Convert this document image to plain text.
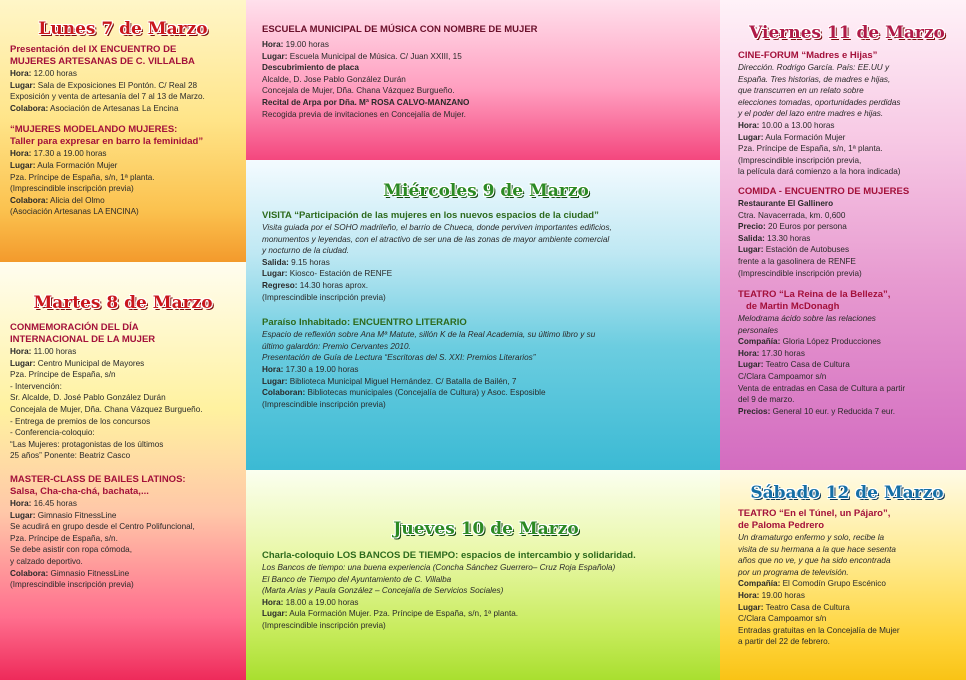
Lunes 7 de Marzo

Presentación del IX ENCUENTRO DE

MUJERES ARTESANAS DE C. VILLALBA

Hora: 12.00 horas

Lugar: Sala de Exposiciones El Pontón. C/ Real 28

Exposición y venta de artesanía del 7 al 13 de Marzo.

Colabora: Asociación de Artesanas La Encina

“MUJERES MODELANDO MUJERES:

Taller para expresar en barro la feminidad”

Hora: 17.30 a 19.00 horas

Lugar: Aula Formación Mujer

Pza. Príncipe de España, s/n, 1ª planta.

(Imprescindible inscripción previa)

Colabora: Alicia del Olmo

(Asociación Artesanas LA ENCINA)

Martes 8 de Marzo

CONMEMORACIÓN DEL DÍA

INTERNACIONAL DE LA MUJER

Hora: 11.00 horas

Lugar: Centro Municipal de Mayores

Pza. Príncipe de España, s/n

- Intervención:

Sr. Alcalde, D. José Pablo González Durán

Concejala de Mujer, Dña. Chana Vázquez Burgueño.

- Entrega de premios de los concursos

- Conferencia-coloquio:

“Las Mujeres: protagonistas de los últimos

25 años” Ponente: Beatriz Casco

MASTER-CLASS DE BAILES LATINOS:

Salsa, Cha-cha-chá, bachata,...

Hora: 16.45 horas

Lugar: Gimnasio FitnessLine

Se acudirá en grupo desde el Centro Polifuncional,

Pza. Príncipe de España, s/n.

Se debe asistir con ropa cómoda,

y calzado deportivo.

Colabora: Gimnasio FitnessLine

(Imprescindible inscripción previa)

ESCUELA MUNICIPAL DE MÚSICA CON NOMBRE DE MUJER

Hora: 19.00 horas

Lugar: Escuela Municipal de Música. C/ Juan XXIII, 15

Descubrimiento de placa

Alcalde, D. Jose Pablo González Durán

Concejala de Mujer, Dña. Chana Vázquez Burgueño.

Recital de Arpa por Dña. Mª ROSA CALVO-MANZANO

Recogida previa de invitaciones en Concejalía de Mujer.

Miércoles 9 de Marzo

VISITA “Participación de las mujeres en los nuevos espacios de la ciudad”

Visita guiada por el SOHO madrileño, el barrio de Chueca, donde perviven importantes edificios,

monumentos y leyendas, con el atractivo de ser una de las zonas de mayor ambiente comercial

y nocturno de la ciudad.

Salida: 9.15 horas

Lugar: Kiosco- Estación de RENFE

Regreso: 14.30 horas aprox.

(Imprescindible inscripción previa)

Paraíso Inhabitado: ENCUENTRO LITERARIO

Espacio de reflexión sobre Ana Mª Matute, sillón K de la Real Academia, su último libro y su

último galardón: Premio Cervantes 2010.

Presentación de Guía de Lectura “Escritoras del S. XXI: Premios Literarios”

Hora: 17.30 a 19.00 horas

Lugar: Biblioteca Municipal Miguel Hernández. C/ Batalla de Bailén, 7

Colaboran: Bibliotecas municipales (Concejalía de Cultura) y Asoc. Esposible

(Imprescindible inscripción previa)

Jueves 10 de Marzo

Charla-coloquio LOS BANCOS DE TIEMPO: espacios de intercambio y solidaridad.

Los Bancos de tiempo: una buena experiencia (Concha Sánchez Guerrero– Cruz Roja Española)

El Banco de Tiempo del Ayuntamiento de C. Villalba

(Marta Arias y Paula González – Concejalía de Servicios Sociales)

Hora: 18.00 a 19.00 horas

Lugar: Aula Formación Mujer. Pza. Príncipe de España, s/n, 1ª planta.

(Imprescindible inscripción previa)

Viernes 11 de Marzo

CINE-FORUM “Madres e Hijas”

Dirección. Rodrigo García. País: EE.UU y

España. Tres historias, de madres e hijas,

que transcurren en un relato sobre

elecciones tomadas, oportunidades perdidas

y el poder del lazo entre madres e hijas.

Hora: 10.00 a 13.00 horas

Lugar: Aula Formación Mujer

Pza. Príncipe de España, s/n, 1ª planta.

(Imprescindible inscripción previa,

la película dará comienzo a la hora indicada)

COMIDA - ENCUENTRO DE MUJERES

Restaurante El Gallinero

Ctra. Navacerrada, km. 0,600

Precio: 20 Euros por persona

Salida: 13.30 horas

Lugar: Estación de Autobuses

frente a la gasolinera de RENFE

(Imprescindible inscripción previa)

TEATRO “La Reina de la Belleza”,

de Martin McDonagh

Melodrama ácido sobre las relaciones

personales

Compañía: Gloria López Producciones

Hora: 17.30 horas

Lugar: Teatro Casa de Cultura

C/Clara Campoamor s/n

Venta de entradas en Casa de Cultura a partir

del 9 de marzo.

Precios: General 10 eur. y Reducida 7 eur.

Sábado 12 de Marzo

TEATRO “En el Túnel, un Pájaro”,

de Paloma Pedrero

Un dramaturgo enfermo y solo, recibe la

visita de su hermana a la que hace sesenta

años que no ve, y que ha sido encontrada

por un programa de televisión.

Compañía: El Comodín Grupo Escénico

Hora: 19.00 horas

Lugar: Teatro Casa de Cultura

C/Clara Campoamor s/n

Entradas gratuitas en la Concejalía de Mujer

a partir del 22 de febrero.
